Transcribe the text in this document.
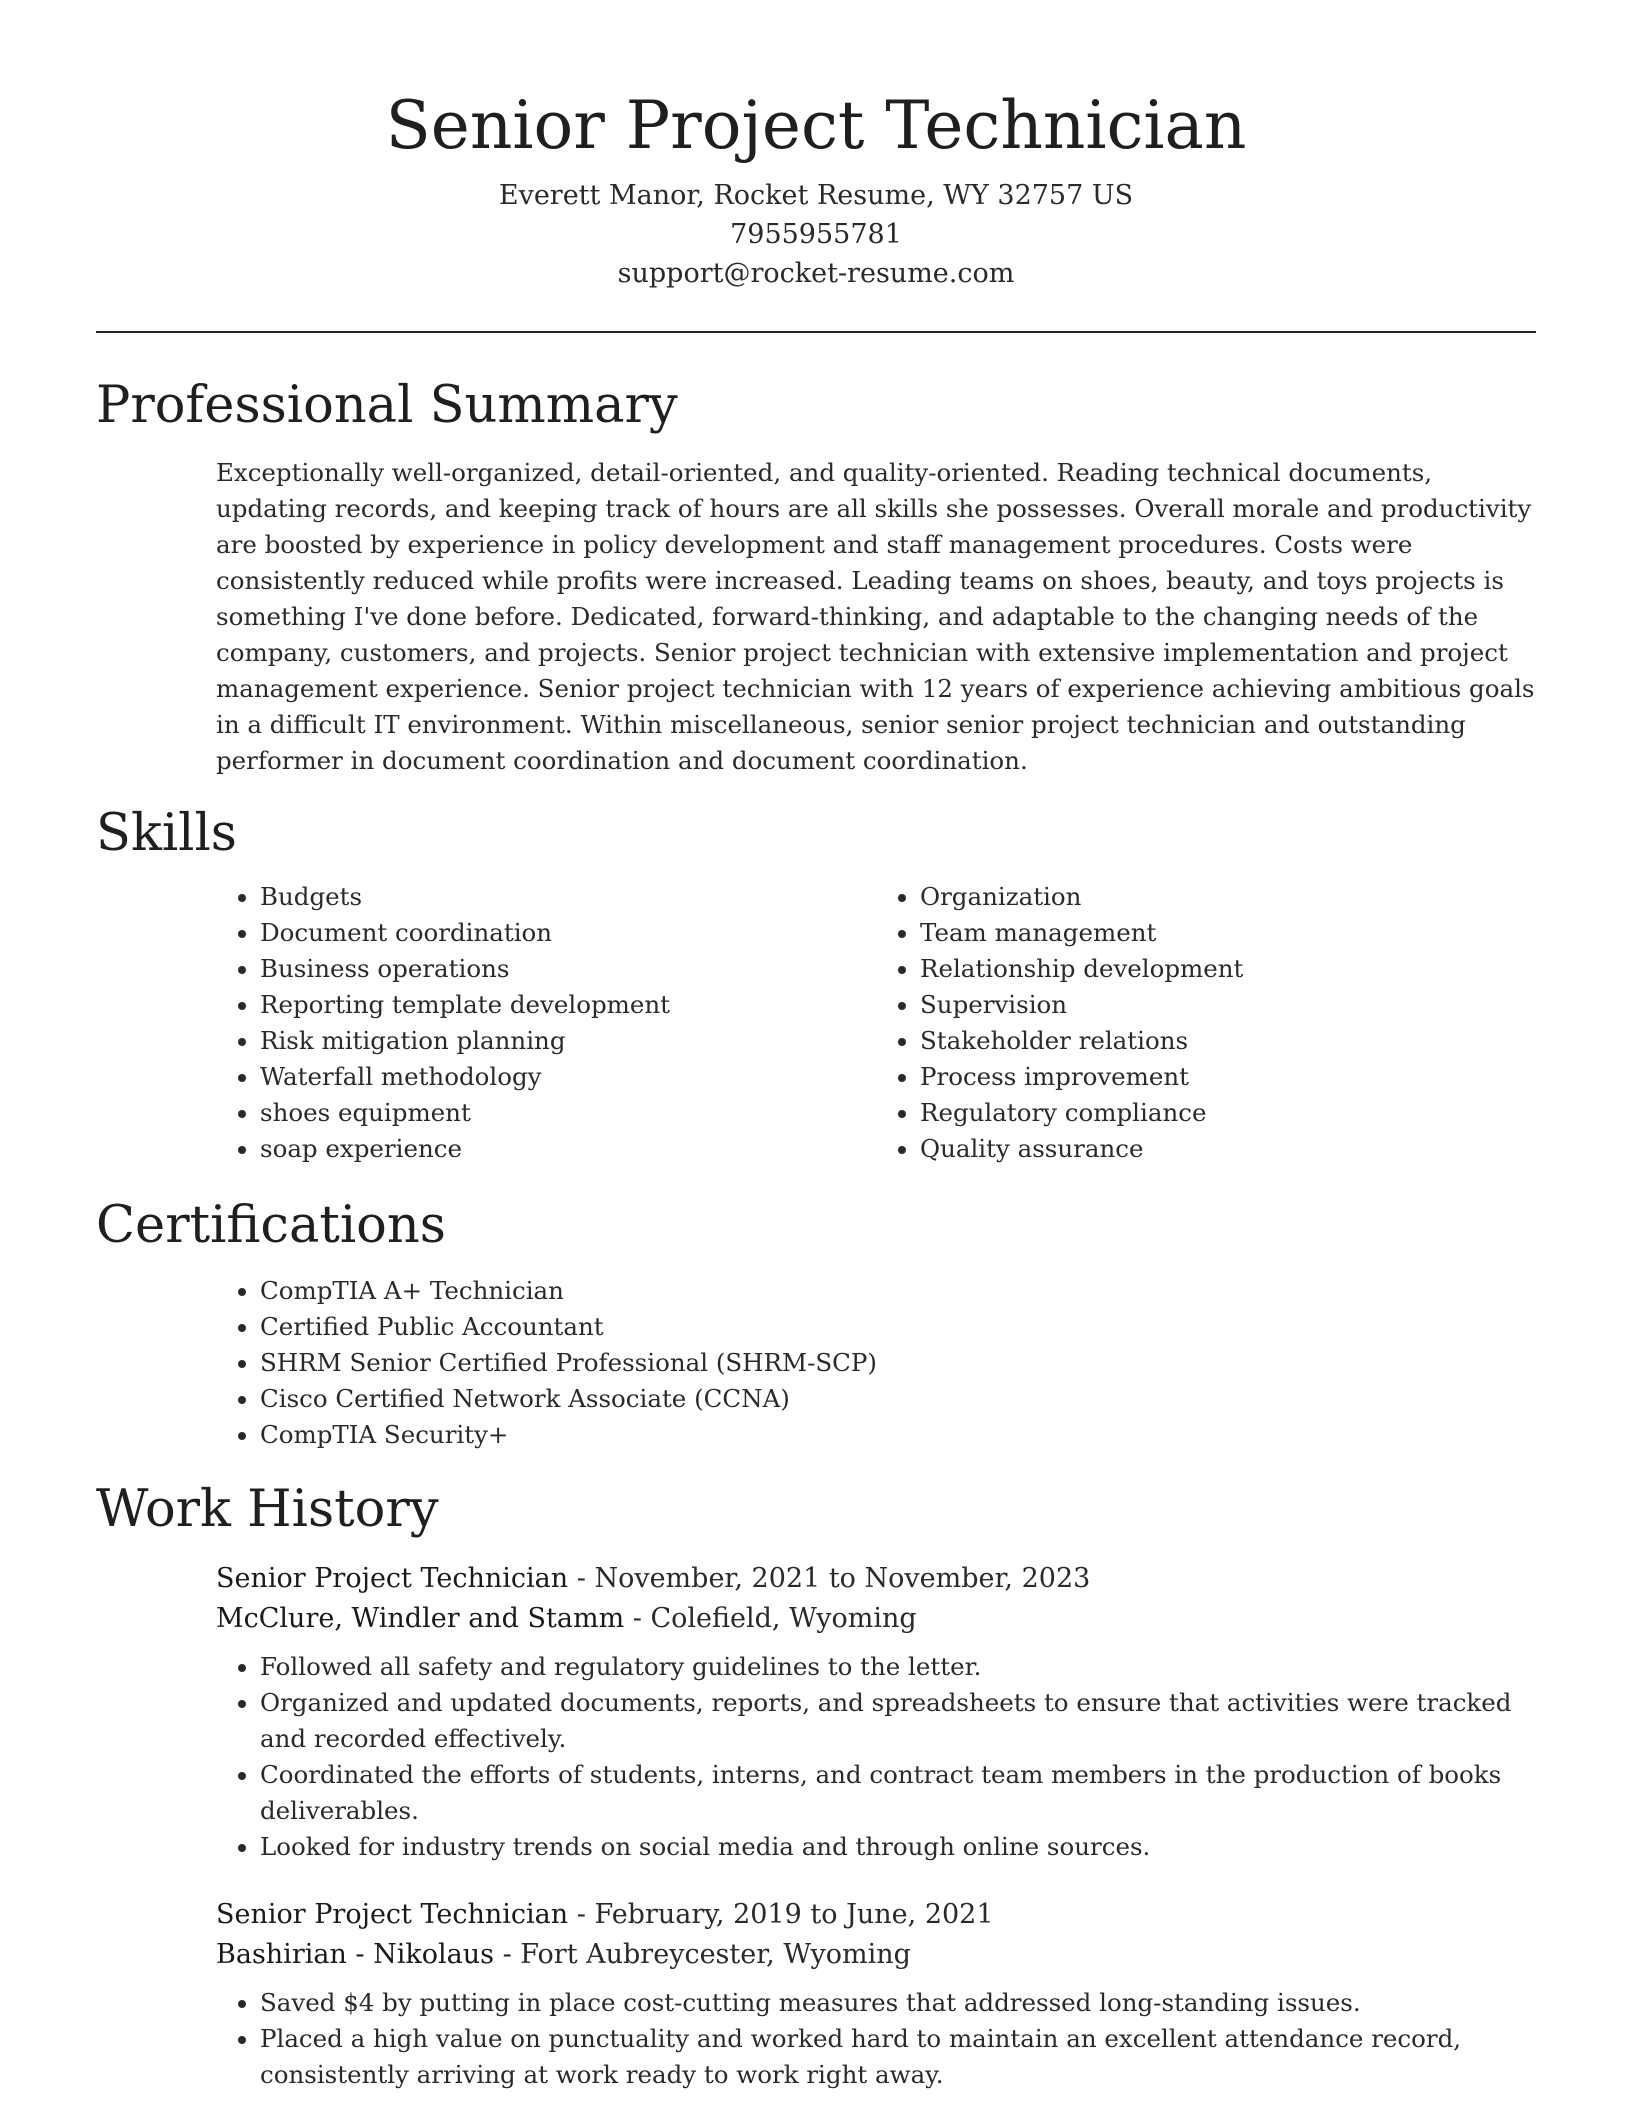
Senior Project Technician
Everett Manor, Rocket Resume, WY 32757 US
7955955781
support@rocket-resume.com
Professional Summary

Exceptionally well-organized, detail-oriented, and quality-oriented. Reading technical documents, updating records, and keeping track of hours are all skills she possesses. Overall morale and productivity are boosted by experience in policy development and staff management procedures. Costs were consistently reduced while profits were increased. Leading teams on shoes, beauty, and toys projects is something I've done before. Dedicated, forward-thinking, and adaptable to the changing needs of the company, customers, and projects. Senior project technician with extensive implementation and project management experience. Senior project technician with 12 years of experience achieving ambitious goals in a difficult IT environment. Within miscellaneous, senior senior project technician and outstanding performer in document coordination and document coordination.

Skills
• Budgets
• Document coordination
• Business operations
• Reporting template development
• Risk mitigation planning
• Waterfall methodology
• shoes equipment
• soap experience
• Organization
• Team management
• Relationship development
• Supervision
• Stakeholder relations
• Process improvement
• Regulatory compliance
• Quality assurance
Certifications
• CompTIA A+ Technician
• Certified Public Accountant
• SHRM Senior Certified Professional (SHRM-SCP)
• Cisco Certified Network Associate (CCNA)
• CompTIA Security+
Work History
Senior Project Technician - November, 2021 to November, 2023
McClure, Windler and Stamm - Colefield, Wyoming
• Followed all safety and regulatory guidelines to the letter.
• Organized and updated documents, reports, and spreadsheets to ensure that activities were tracked and recorded effectively.
• Coordinated the efforts of students, interns, and contract team members in the production of books deliverables.
• Looked for industry trends on social media and through online sources.
Senior Project Technician - February, 2019 to June, 2021
Bashirian - Nikolaus - Fort Aubreycester, Wyoming
• Saved $4 by putting in place cost-cutting measures that addressed long-standing issues.
• Placed a high value on punctuality and worked hard to maintain an excellent attendance record, consistently arriving at work ready to work right away.
